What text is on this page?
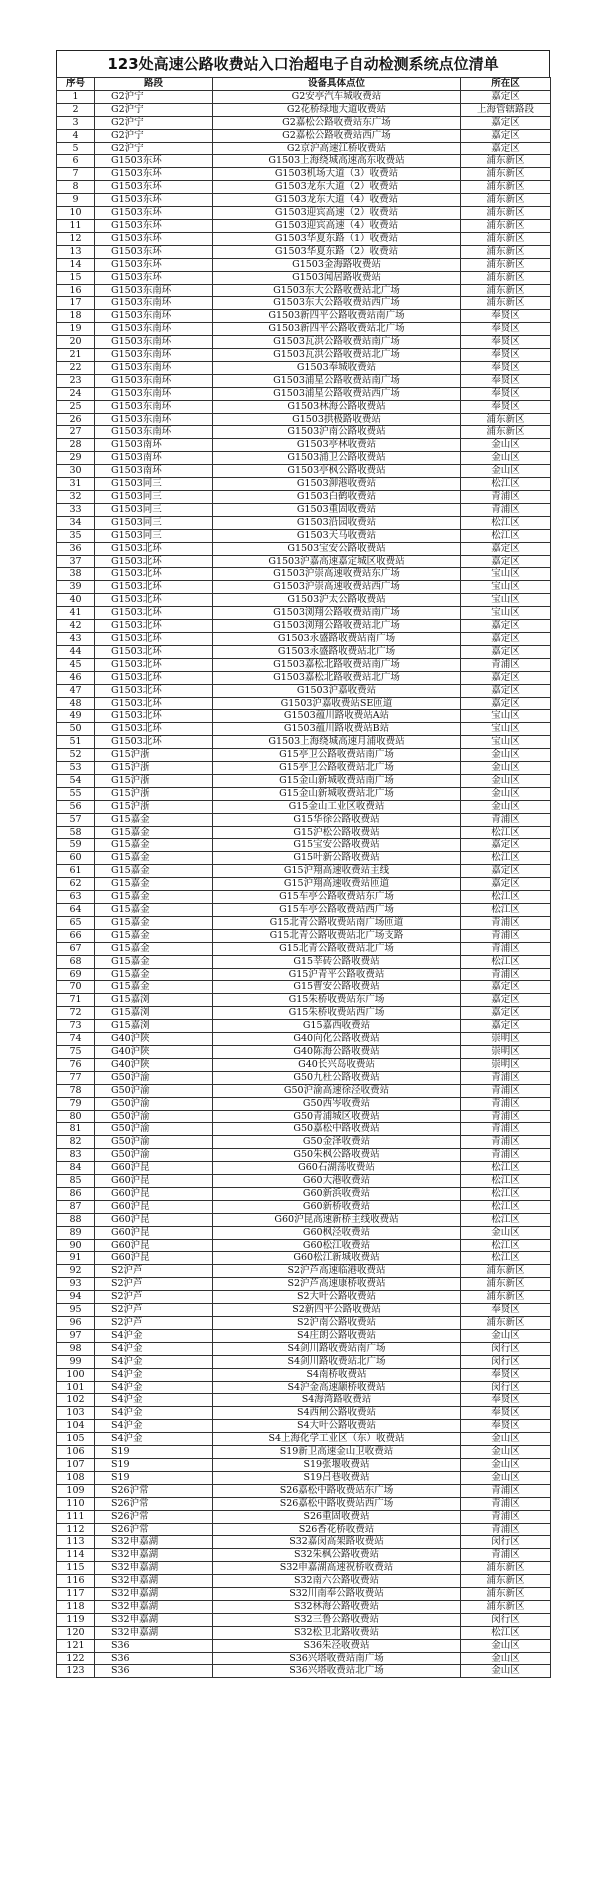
123处高速公路收费站入口治超电子自动检测系统点位清单
序号	路段	设备具体点位	所在区
1	G2沪宁	G2安亭汽车城收费站	嘉定区
2	G2沪宁	G2花桥绿地大道收费站	上海管辖路段
3	G2沪宁	G2嘉松公路收费站东广场	嘉定区
4	G2沪宁	G2嘉松公路收费站西广场	嘉定区
5	G2沪宁	G2京沪高速江桥收费站	嘉定区
6	G1503东环	G1503上海绕城高速高东收费站	浦东新区
7	G1503东环	G1503机场大道（3）收费站	浦东新区
8	G1503东环	G1503龙东大道（2）收费站	浦东新区
9	G1503东环	G1503龙东大道（4）收费站	浦东新区
10	G1503东环	G1503迎宾高速（2）收费站	浦东新区
11	G1503东环	G1503迎宾高速（4）收费站	浦东新区
12	G1503东环	G1503华夏东路（1）收费站	浦东新区
13	G1503东环	G1503华夏东路（2）收费站	浦东新区
14	G1503东环	G1503金海路收费站	浦东新区
15	G1503东环	G1503闻居路收费站	浦东新区
16	G1503东南环	G1503东大公路收费站北广场	浦东新区
17	G1503东南环	G1503东大公路收费站西广场	浦东新区
18	G1503东南环	G1503新四平公路收费站南广场	奉贤区
19	G1503东南环	G1503新四平公路收费站北广场	奉贤区
20	G1503东南环	G1503瓦洪公路收费站南广场	奉贤区
21	G1503东南环	G1503瓦洪公路收费站北广场	奉贤区
22	G1503东南环	G1503奉城收费站	奉贤区
23	G1503东南环	G1503浦星公路收费站南广场	奉贤区
24	G1503东南环	G1503浦星公路收费站西广场	奉贤区
25	G1503东南环	G1503林海公路收费站	奉贤区
26	G1503东南环	G1503拱极路收费站	浦东新区
27	G1503东南环	G1503沪南公路收费站	浦东新区
28	G1503南环	G1503亭林收费站	金山区
29	G1503南环	G1503浦卫公路收费站	金山区
30	G1503南环	G1503亭枫公路收费站	金山区
31	G1503同三	G1503泖港收费站	松江区
32	G1503同三	G1503白鹤收费站	青浦区
33	G1503同三	G1503重固收费站	青浦区
34	G1503同三	G1503沿园收费站	松江区
35	G1503同三	G1503天马收费站	松江区
36	G1503北环	G1503宝安公路收费站	嘉定区
37	G1503北环	G1503沪嘉高速嘉定城区收费站	嘉定区
38	G1503北环	G1503沪崇高速收费站东广场	宝山区
39	G1503北环	G1503沪崇高速收费站西广场	宝山区
40	G1503北环	G1503沪太公路收费站	宝山区
41	G1503北环	G1503浏翔公路收费站南广场	宝山区
42	G1503北环	G1503浏翔公路收费站北广场	嘉定区
43	G1503北环	G1503永盛路收费站南广场	嘉定区
44	G1503北环	G1503永盛路收费站北广场	嘉定区
45	G1503北环	G1503嘉松北路收费站南广场	青浦区
46	G1503北环	G1503嘉松北路收费站北广场	嘉定区
47	G1503北环	G1503沪嘉收费站	嘉定区
48	G1503北环	G1503沪嘉收费站SE匝道	嘉定区
49	G1503北环	G1503蕴川路收费站A站	宝山区
50	G1503北环	G1503蕴川路收费站B站	宝山区
51	G1503北环	G1503上海绕城高速月浦收费站	宝山区
52	G15沪浙	G15亭卫公路收费站南广场	金山区
53	G15沪浙	G15亭卫公路收费站北广场	金山区
54	G15沪浙	G15金山新城收费站南广场	金山区
55	G15沪浙	G15金山新城收费站北广场	金山区
56	G15沪浙	G15金山工业区收费站	金山区
57	G15嘉金	G15华徐公路收费站	青浦区
58	G15嘉金	G15沪松公路收费站	松江区
59	G15嘉金	G15宝安公路收费站	嘉定区
60	G15嘉金	G15叶新公路收费站	松江区
61	G15嘉金	G15沪翔高速收费站主线	嘉定区
62	G15嘉金	G15沪翔高速收费站匝道	嘉定区
63	G15嘉金	G15车亭公路收费站东广场	松江区
64	G15嘉金	G15车亭公路收费站西广场	松江区
65	G15嘉金	G15北青公路收费站南广场匝道	青浦区
66	G15嘉金	G15北青公路收费站北广场支路	青浦区
67	G15嘉金	G15北青公路收费站北广场	青浦区
68	G15嘉金	G15莘砖公路收费站	松江区
69	G15嘉金	G15沪青平公路收费站	青浦区
70	G15嘉金	G15曹安公路收费站	嘉定区
71	G15嘉浏	G15朱桥收费站东广场	嘉定区
72	G15嘉浏	G15朱桥收费站西广场	嘉定区
73	G15嘉浏	G15嘉西收费站	嘉定区
74	G40沪陕	G40向化公路收费站	崇明区
75	G40沪陕	G40陈海公路收费站	崇明区
76	G40沪陕	G40长兴岛收费站	崇明区
77	G50沪渝	G50九杜公路收费站	青浦区
78	G50沪渝	G50沪渝高速徐泾收费站	青浦区
79	G50沪渝	G50西岑收费站	青浦区
80	G50沪渝	G50青浦城区收费站	青浦区
81	G50沪渝	G50嘉松中路收费站	青浦区
82	G50沪渝	G50金泽收费站	青浦区
83	G50沪渝	G50朱枫公路收费站	青浦区
84	G60沪昆	G60石湖荡收费站	松江区
85	G60沪昆	G60大港收费站	松江区
86	G60沪昆	G60新浜收费站	松江区
87	G60沪昆	G60新桥收费站	松江区
88	G60沪昆	G60沪昆高速新桥主线收费站	松江区
89	G60沪昆	G60枫泾收费站	金山区
90	G60沪昆	G60松江收费站	松江区
91	G60沪昆	G60松江新城收费站	松江区
92	S2沪芦	S2沪芦高速临港收费站	浦东新区
93	S2沪芦	S2沪芦高速康桥收费站	浦东新区
94	S2沪芦	S2大叶公路收费站	浦东新区
95	S2沪芦	S2新四平公路收费站	奉贤区
96	S2沪芦	S2沪南公路收费站	浦东新区
97	S4沪金	S4庄朗公路收费站	金山区
98	S4沪金	S4剑川路收费站南广场	闵行区
99	S4沪金	S4剑川路收费站北广场	闵行区
100	S4沪金	S4南桥收费站	奉贤区
101	S4沪金	S4沪金高速颛桥收费站	闵行区
102	S4沪金	S4海湾路收费站	奉贤区
103	S4沪金	S4西闸公路收费站	奉贤区
104	S4沪金	S4大叶公路收费站	奉贤区
105	S4沪金	S4上海化学工业区（东）收费站	金山区
106	S19	S19新卫高速金山卫收费站	金山区
107	S19	S19张堰收费站	金山区
108	S19	S19吕巷收费站	金山区
109	S26沪常	S26嘉松中路收费站东广场	青浦区
110	S26沪常	S26嘉松中路收费站西广场	青浦区
111	S26沪常	S26重固收费站	青浦区
112	S26沪常	S26香花桥收费站	青浦区
113	S32申嘉湖	S32嘉闵高架路收费站	闵行区
114	S32申嘉湖	S32朱枫公路收费站	青浦区
115	S32申嘉湖	S32申嘉湖高速祝桥收费站	浦东新区
116	S32申嘉湖	S32南六公路收费站	浦东新区
117	S32申嘉湖	S32川南奉公路收费站	浦东新区
118	S32申嘉湖	S32林海公路收费站	浦东新区
119	S32申嘉湖	S32三鲁公路收费站	闵行区
120	S32申嘉湖	S32松卫北路收费站	松江区
121	S36	S36朱泾收费站	金山区
122	S36	S36兴塔收费站南广场	金山区
123	S36	S36兴塔收费站北广场	金山区
